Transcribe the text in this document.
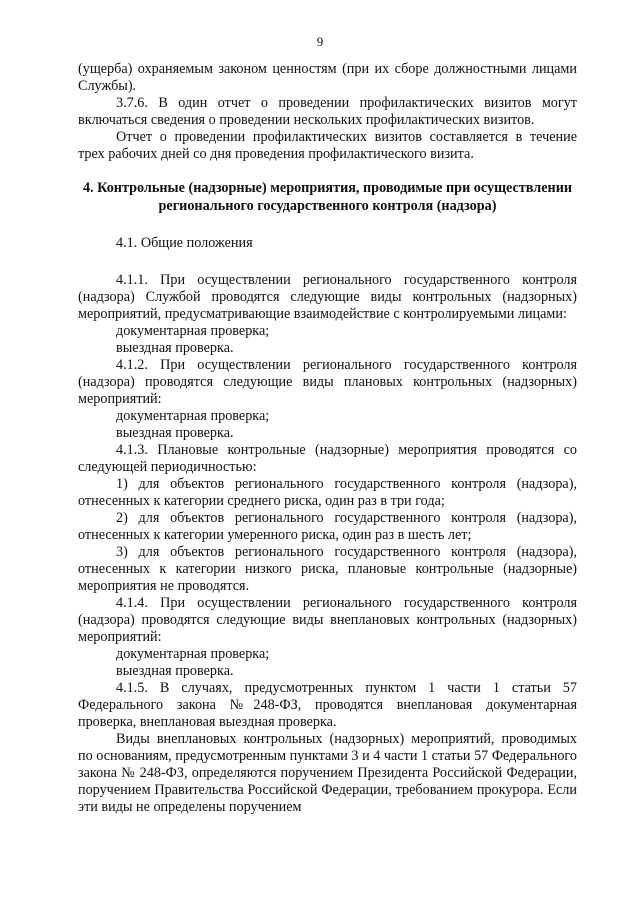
9

(ущерба) охраняемым законом ценностям (при их сборе должностными лицами Службы).

3.7.6. В один отчет о проведении профилактических визитов могут включаться сведения о проведении нескольких профилактических визитов.

Отчет о проведении профилактических визитов составляется в течение трех рабочих дней со дня проведения профилактического визита.

4. Контрольные (надзорные) мероприятия, проводимые при осуществлении регионального государственного контроля (надзора)

4.1. Общие положения

4.1.1. При осуществлении регионального государственного контроля (надзора) Службой проводятся следующие виды контрольных (надзорных) мероприятий, предусматривающие взаимодействие с контролируемыми лицами:

документарная проверка;

выездная проверка.

4.1.2. При осуществлении регионального государственного контроля (надзора) проводятся следующие виды плановых контрольных (надзорных) мероприятий:

документарная проверка;

выездная проверка.

4.1.3. Плановые контрольные (надзорные) мероприятия проводятся со следующей периодичностью:

1) для объектов регионального государственного контроля (надзора), отнесенных к категории среднего риска, один раз в три года;

2) для объектов регионального государственного контроля (надзора), отнесенных к категории умеренного риска, один раз в шесть лет;

3) для объектов регионального государственного контроля (надзора), отнесенных к категории низкого риска, плановые контрольные (надзорные) мероприятия не проводятся.

4.1.4. При осуществлении регионального государственного контроля (надзора) проводятся следующие виды внеплановых контрольных (надзорных) мероприятий:

документарная проверка;

выездная проверка.

4.1.5. В случаях, предусмотренных пунктом 1 части 1 статьи 57 Федерального закона №248-ФЗ, проводятся внеплановая документарная проверка, внеплановая выездная проверка.

Виды внеплановых контрольных (надзорных) мероприятий, проводимых по основаниям, предусмотренным пунктами 3 и 4 части 1 статьи 57 Федерального закона № 248-ФЗ, определяются поручением Президента Российской Федерации, поручением Правительства Российской Федерации, требованием прокурора. Если эти виды не определены поручением
